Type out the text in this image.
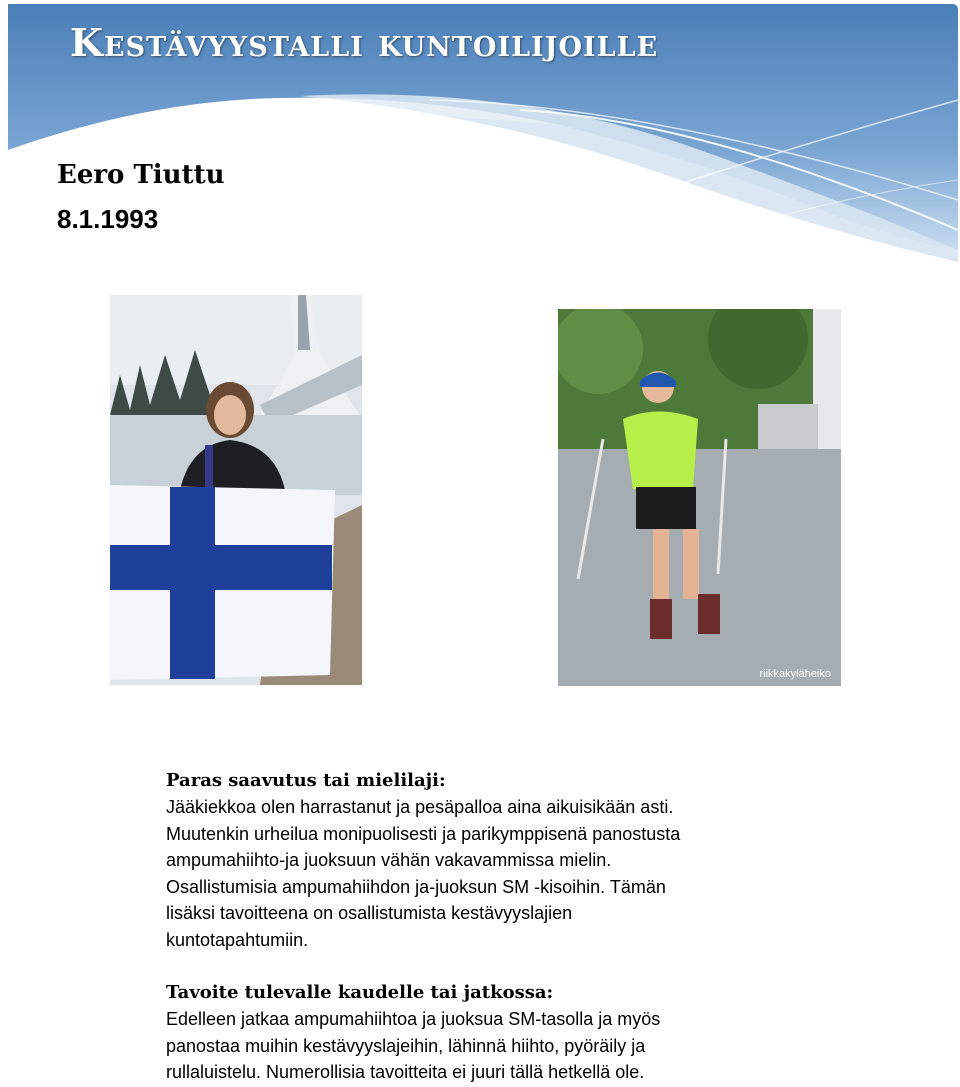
Kestävyystalli kuntoilijoille
Eero Tiuttu

8.1.1993

riikkakyläheiko

Paras saavutus tai mielilaji:

Jääkiekkoa olen harrastanut ja pesäpalloa aina aikuisikään asti.

Muutenkin urheilua monipuolisesti ja parikymppisenä panostusta

ampumahiihto-ja juoksuun vähän vakavammissa mielin.

Osallistumisia ampumahiihdon ja-juoksun SM -kisoihin. Tämän

lisäksi tavoitteena on osallistumista kestävyyslajien

kuntotapahtumiin.

Tavoite tulevalle kaudelle tai jatkossa:

Edelleen jatkaa ampumahiihtoa ja juoksua SM-tasolla ja myös

panostaa muihin kestävyyslajeihin, lähinnä hiihto, pyöräily ja

rullaluistelu. Numerollisia tavoitteita ei juuri tällä hetkellä ole.
